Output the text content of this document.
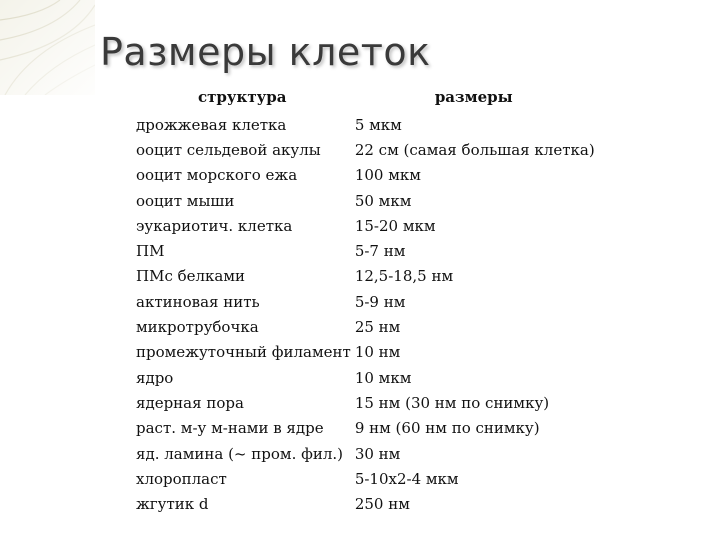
Размеры клеток
структура	размеры
дрожжевая клетка	5 мкм
ооцит сельдевой акулы	22 см (самая большая клетка)
ооцит морского ежа	100 мкм
ооцит мыши	50 мкм
эукариотич. клетка	15-20 мкм
ПМ	5-7 нм
ПМс белками	12,5-18,5 нм
актиновая нить	5-9 нм
микротрубочка	25 нм
промежуточный филамент	10 нм
ядро	10 мкм
ядерная пора	15 нм (30 нм по снимку)
раст. м-у м-нами в ядре	9 нм (60 нм по снимку)
яд. ламина (~ пром. фил.)	30 нм
хлоропласт	5-10x2-4 мкм
жгутик d	250 нм
